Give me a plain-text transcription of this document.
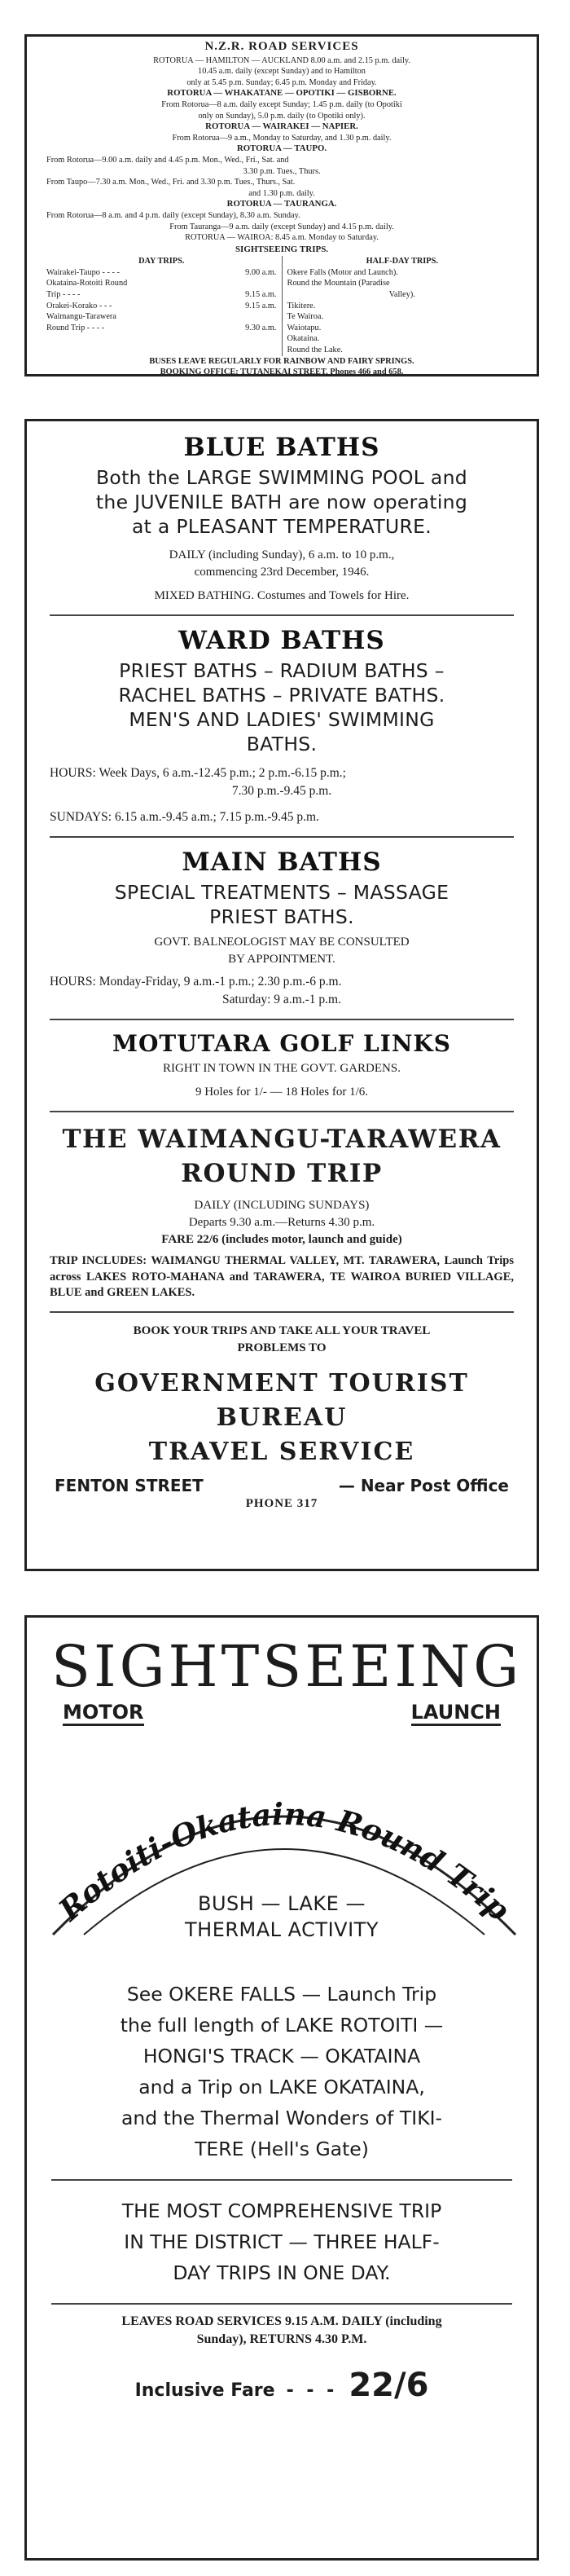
N.Z.R. ROAD SERVICES
ROTORUA — HAMILTON — AUCKLAND 8.00 a.m. and 2.15 p.m. daily.
10.45 a.m. daily (except Sunday) and to Hamilton
only at 5.45 p.m. Sunday; 6.45 p.m. Monday and Friday.
ROTORUA — WHAKATANE — OPOTIKI — GISBORNE.
From Rotorua—8 a.m. daily except Sunday; 1.45 p.m. daily (to Opotiki
only on Sunday), 5.0 p.m. daily (to Opotiki only).
ROTORUA — WAIRAKEI — NAPIER.
From Rotorua—9 a.m., Monday to Saturday, and 1.30 p.m. daily.
ROTORUA — TAUPO.
From Rotorua—9.00 a.m. daily and 4.45 p.m. Mon., Wed., Fri., Sat. and
3.30 p.m. Tues., Thurs.
From Taupo—7.30 a.m. Mon., Wed., Fri. and 3.30 p.m. Tues., Thurs., Sat.
and 1.30 p.m. daily.
ROTORUA — TAURANGA.
From Rotorua—8 a.m. and 4 p.m. daily (except Sunday), 8.30 a.m. Sunday.
From Tauranga—9 a.m. daily (except Sunday) and 4.15 p.m. daily.
ROTORUA — WAIROA: 8.45 a.m. Monday to Saturday.
SIGHTSEEING TRIPS.
DAY TRIPS.
Wairakei-Taupo - - - -	9.00 a.m.
Okataina-Rotoiti Round
Trip - - - -	9.15 a.m.
Orakei-Korako - - -	9.15 a.m.
Waimangu-Tarawera
Round Trip - - - -	9.30 a.m.
HALF-DAY TRIPS.
Okere Falls (Motor and Launch).
Round the Mountain (Paradise
Valley).
Tikitere.
Te Wairoa.
Waiotapu.
Okataina.
Round the Lake.
BUSES LEAVE REGULARLY FOR RAINBOW AND FAIRY SPRINGS.
BOOKING OFFICE: TUTANEKAI STREET, Phones 466 and 658.
BLUE BATHS
Both the LARGE SWIMMING POOL and
the JUVENILE BATH are now operating
at a PLEASANT TEMPERATURE.
DAILY (including Sunday), 6 a.m. to 10 p.m.,
commencing 23rd December, 1946.
MIXED BATHING. Costumes and Towels for Hire.
WARD BATHS
PRIEST BATHS – RADIUM BATHS –
RACHEL BATHS – PRIVATE BATHS.
MEN'S AND LADIES' SWIMMING
BATHS.
HOURS: Week Days, 6 a.m.-12.45 p.m.; 2 p.m.-6.15 p.m.;
7.30 p.m.-9.45 p.m.
SUNDAYS: 6.15 a.m.-9.45 a.m.; 7.15 p.m.-9.45 p.m.
MAIN BATHS
SPECIAL TREATMENTS – MASSAGE
PRIEST BATHS.
GOVT. BALNEOLOGIST MAY BE CONSULTED
BY APPOINTMENT.
HOURS: Monday-Friday, 9 a.m.-1 p.m.; 2.30 p.m.-6 p.m.
Saturday: 9 a.m.-1 p.m.
MOTUTARA GOLF LINKS
RIGHT IN TOWN IN THE GOVT. GARDENS.
9 Holes for 1/- — 18 Holes for 1/6.
THE WAIMANGU-TARAWERA
ROUND TRIP
DAILY (INCLUDING SUNDAYS)
Departs 9.30 a.m.—Returns 4.30 p.m.
FARE 22/6 (includes motor, launch and guide)
TRIP INCLUDES: WAIMANGU THERMAL VALLEY, MT. TARAWERA, Launch Trips across LAKES ROTO-MAHANA and TARAWERA, TE WAIROA BURIED VILLAGE, BLUE and GREEN LAKES.
BOOK YOUR TRIPS AND TAKE ALL YOUR TRAVEL
PROBLEMS TO
GOVERNMENT TOURIST BUREAU
TRAVEL SERVICE
FENTON STREET	— Near Post Office
PHONE 317
SIGHTSEEING
MOTOR	LAUNCH
Rotoiti-Okataina Round Trip
BUSH — LAKE —
THERMAL ACTIVITY
See OKERE FALLS — Launch Trip
the full length of LAKE ROTOITI —
HONGI'S TRACK — OKATAINA
and a Trip on LAKE OKATAINA,
and the Thermal Wonders of TIKI-
TERE (Hell's Gate)
THE MOST COMPREHENSIVE TRIP
IN THE DISTRICT — THREE HALF-
DAY TRIPS IN ONE DAY.
LEAVES ROAD SERVICES 9.15 A.M. DAILY (including
Sunday), RETURNS 4.30 P.M.
Inclusive Fare - - - 22/6
